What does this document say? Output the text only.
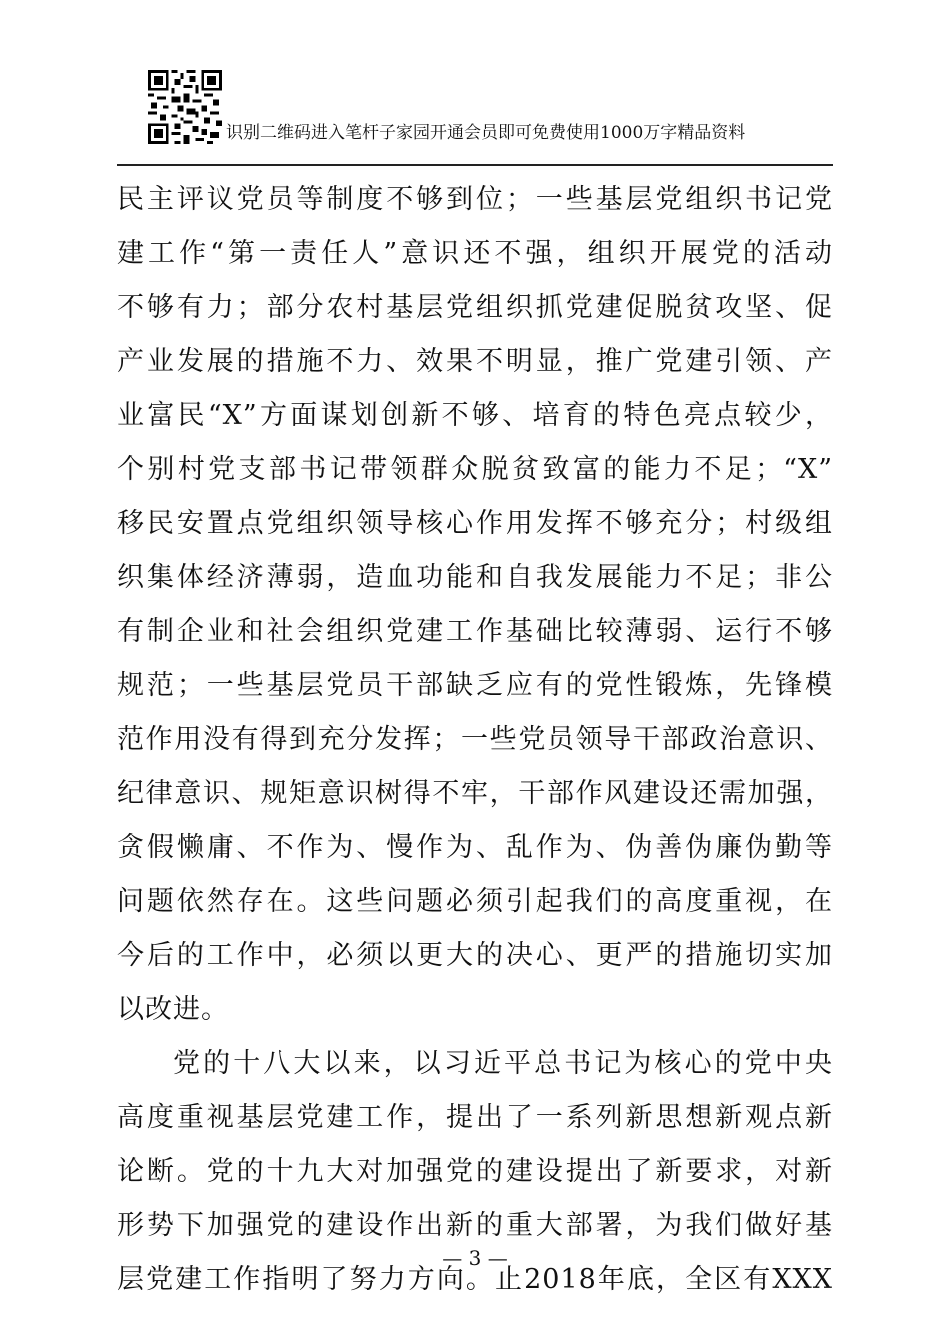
识别二维码进入笔杆子家园开通会员即可免费使用1000万字精品资料
民主评议党员等制度不够到位；一些基层党组织书记党
建工作“第一责任人”意识还不强，组织开展党的活动
不够有力；部分农村基层党组织抓党建促脱贫攻坚、促
产业发展的措施不力、效果不明显，推广党建引领、产
业富民“X”方面谋划创新不够、培育的特色亮点较少，
个别村党支部书记带领群众脱贫致富的能力不足；“X”
移民安置点党组织领导核心作用发挥不够充分；村级组
织集体经济薄弱，造血功能和自我发展能力不足；非公
有制企业和社会组织党建工作基础比较薄弱、运行不够
规范；一些基层党员干部缺乏应有的党性锻炼，先锋模
范作用没有得到充分发挥；一些党员领导干部政治意识、
纪律意识、规矩意识树得不牢，干部作风建设还需加强，
贪假懒庸、不作为、慢作为、乱作为、伪善伪廉伪勤等
问题依然存在。这些问题必须引起我们的高度重视，在
今后的工作中，必须以更大的决心、更严的措施切实加
以改进。
党的十八大以来，以习近平总书记为核心的党中央
高度重视基层党建工作，提出了一系列新思想新观点新
论断。党的十九大对加强党的建设提出了新要求，对新
形势下加强党的建设作出新的重大部署，为我们做好基
层党建工作指明了努力方向。止2018年底，全区有XXX
— 3 —
